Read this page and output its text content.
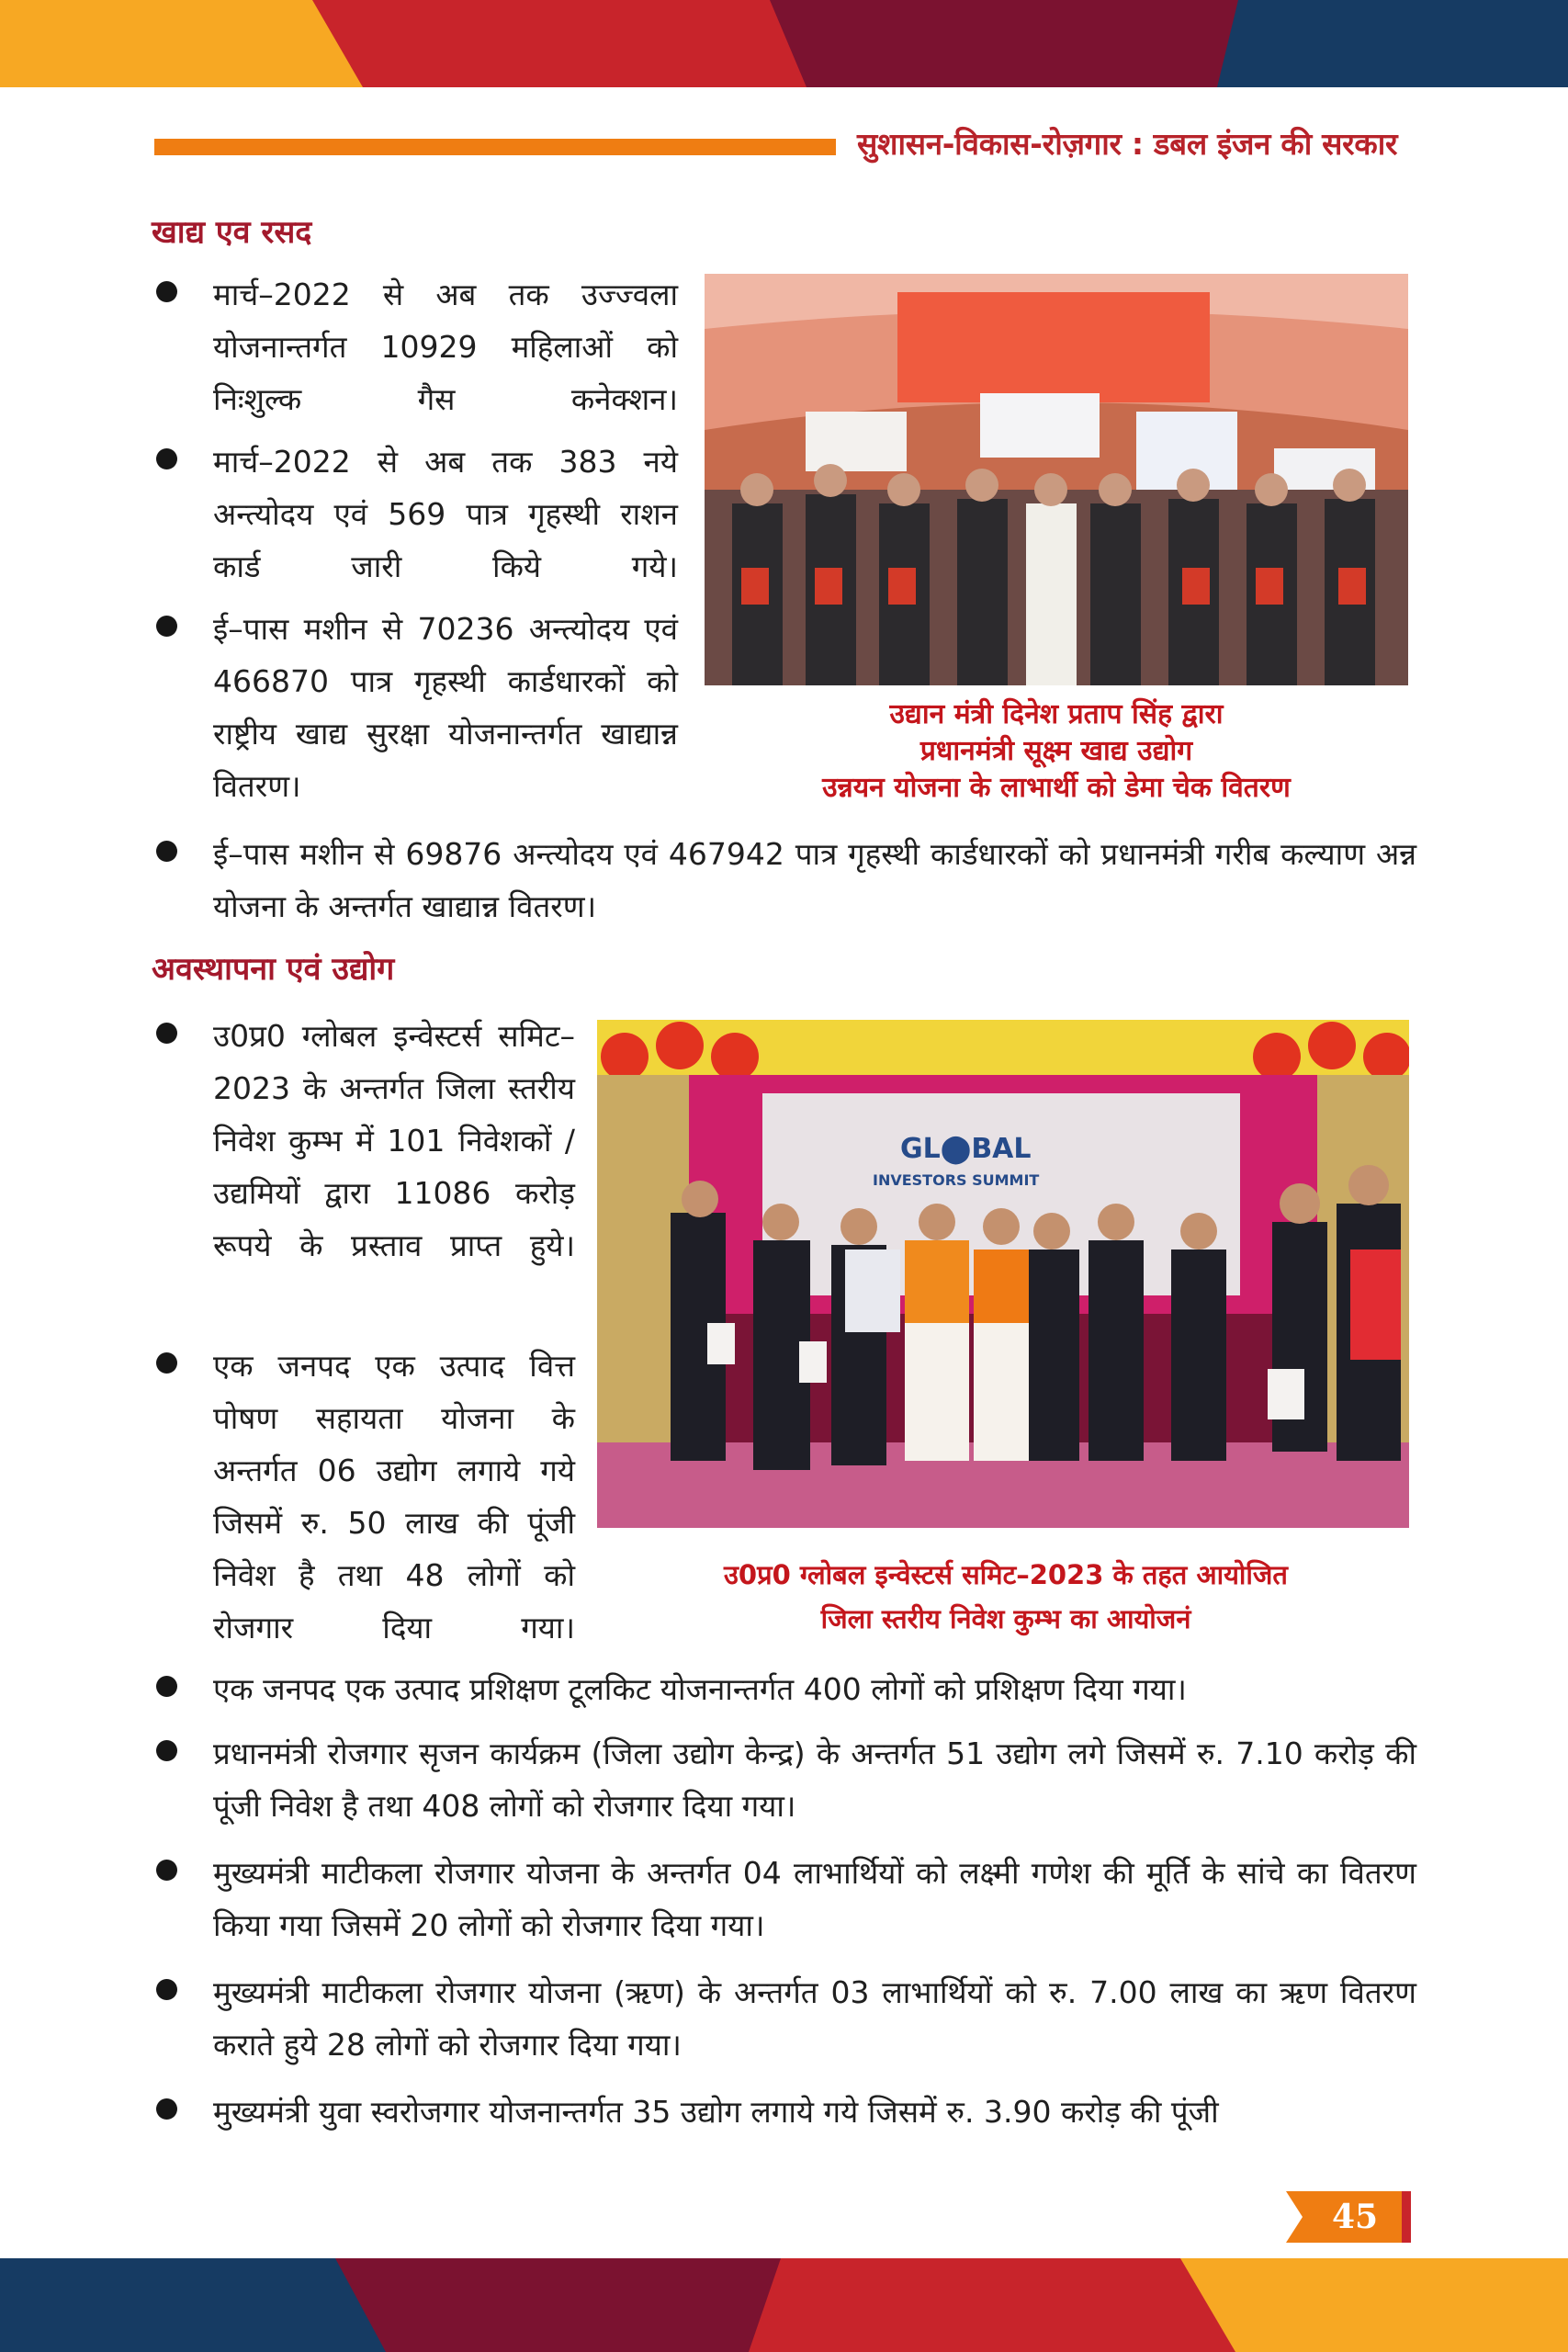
सुशासन-विकास-रोज़गार : डबल इंजन की सरकार
खाद्य एव रसद
मार्च–2022 से अब तक उज्ज्वला योजनान्तर्गत 10929 महिलाओं को निःशुल्क गैस कनेक्शन।
मार्च–2022 से अब तक 383 नये अन्त्योदय एवं 569 पात्र गृहस्थी राशन कार्ड जारी किये गये।
ई–पास मशीन से 70236 अन्त्योदय एवं 466870 पात्र गृहस्थी कार्डधारकों को राष्ट्रीय खाद्य सुरक्षा योजनान्तर्गत खाद्यान्न वितरण।
उद्यान मंत्री दिनेश प्रताप सिंह द्वारा
प्रधानमंत्री सूक्ष्म खाद्य उद्योग
उन्नयन योजना के लाभार्थी को डेमा चेक वितरण
ई–पास मशीन से 69876 अन्त्योदय एवं 467942 पात्र गृहस्थी कार्डधारकों को प्रधानमंत्री गरीब कल्याण अन्न योजना के अन्तर्गत खाद्यान्न वितरण।
अवस्थापना एवं उद्योग
उ0प्र0 ग्लोबल इन्वेस्टर्स समिट–2023 के अन्तर्गत जिला स्तरीय निवेश कुम्भ में 101 निवेशकों / उद्यमियों द्वारा 11086 करोड़ रूपये के प्रस्ताव प्राप्त हुये।
एक जनपद एक उत्पाद वित्त पोषण सहायता योजना के अन्तर्गत 06 उद्योग लगाये गये जिसमें रु. 50 लाख की पूंजी निवेश है तथा 48 लोगों को रोजगार दिया गया।
GL⬤BAL
INVESTORS SUMMIT
उ0प्र0 ग्लोबल इन्वेस्टर्स समिट–2023 के तहत आयोजित
जिला स्तरीय निवेश कुम्भ का आयोजनं
एक जनपद एक उत्पाद प्रशिक्षण टूलकिट योजनान्तर्गत 400 लोगों को प्रशिक्षण दिया गया।
प्रधानमंत्री रोजगार सृजन कार्यक्रम (जिला उद्योग केन्द्र) के अन्तर्गत 51 उद्योग लगे जिसमें रु. 7.10 करोड़ की पूंजी निवेश है तथा 408 लोगों को रोजगार दिया गया।
मुख्यमंत्री माटीकला रोजगार योजना के अन्तर्गत 04 लाभार्थियों को लक्ष्मी गणेश की मूर्ति के सांचे का वितरण किया गया जिसमें 20 लोगों को रोजगार दिया गया।
मुख्यमंत्री माटीकला रोजगार योजना (ऋण) के अन्तर्गत 03 लाभार्थियों को रु. 7.00 लाख का ऋण वितरण कराते हुये 28 लोगों को रोजगार दिया गया।
मुख्यमंत्री युवा स्वरोजगार योजनान्तर्गत 35 उद्योग लगाये गये जिसमें रु. 3.90 करोड़ की पूंजी
45
